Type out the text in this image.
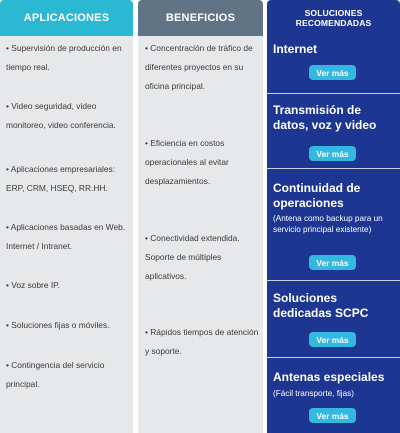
APLICACIONES
• Supervisión de producción en tiempo real.
• Video seguridad, video monitoreo, video conferencia.
• Aplicaciones empresariales: ERP, CRM, HSEQ, RR.HH.
• Aplicaciones basadas en Web. Internet / Intranet.
• Voz sobre IP.
• Soluciones fijas o móviles.
• Contingencia del servicio principal.
BENEFICIOS
• Concentración de tráfico de diferentes proyectos en su oficina principal.
• Eficiencia en costos operacionales al evitar desplazamientos.
• Conectividad extendida. Soporte de múltiples aplicativos.
• Rápidos tiempos de atención y soporte.
SOLUCIONES RECOMENDADAS
Internet
Ver más
Transmisión de datos, voz y video
Ver más
Continuidad de operaciones
(Antena como backup para un servicio principal existente)
Ver más
Soluciones dedicadas SCPC
Ver más
Antenas especiales
(Fácil transporte, fijas)
Ver más
